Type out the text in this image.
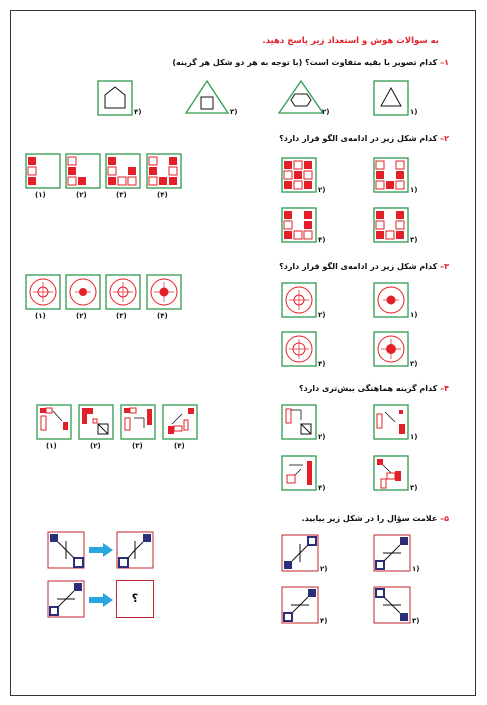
به سوالات هوش و استعداد زیر پاسخ دهید.
۱– کدام تصویر با بقیه متفاوت است؟ (با توجه به هر دو شکل هر گزینه)
۱)
۲)
۳)
۴)
۲– کدام شکل زیر در ادامه‌ی الگو قرار دارد؟
(۱)	(۲)	(۳)	(۴)
۱)
۲)
۳)
۴)
۳– کدام شکل زیر در ادامه‌ی الگو قرار دارد؟
(۱)	(۲)	(۳)	(۴)	۱)
۲)
۳)
۴)
۴– کدام گزینه هماهنگی بیش‌تری دارد؟
(۱)	(۲)	(۳)	(۴)
۱)
۲)
۳)
۴)
۵– علامت سؤال را در شکل زیر بیابید.
؟
۱)
۲)
۳)
۴)
